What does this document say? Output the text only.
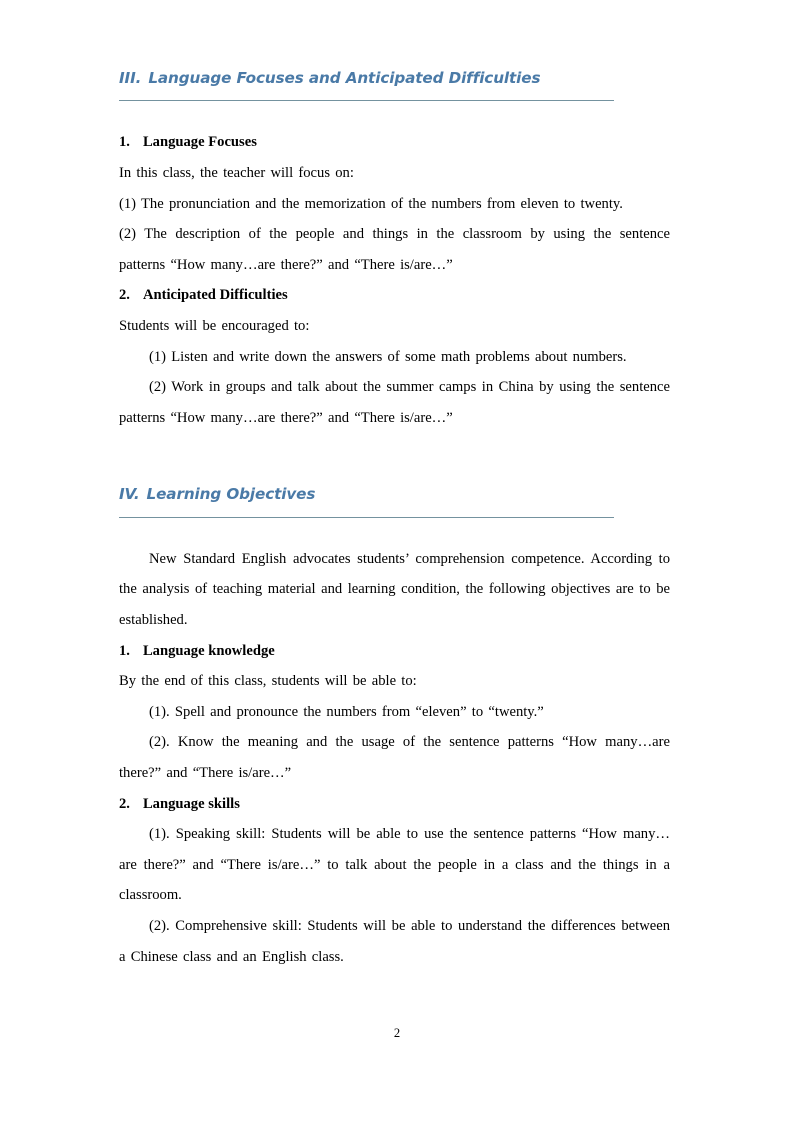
III. Language Focuses and Anticipated Difficulties
1. Language Focuses

In this class, the teacher will focus on:

(1) The pronunciation and the memorization of the numbers from eleven to twenty.

(2) The description of the people and things in the classroom by using the sentence patterns “How many…are there?” and “There is/are…”

2. Anticipated Difficulties

Students will be encouraged to:

(1) Listen and write down the answers of some math problems about numbers.

(2) Work in groups and talk about the summer camps in China by using the sentence patterns “How many…are there?” and “There is/are…”

IV. Learning Objectives

New Standard English advocates students’ comprehension competence. According to the analysis of teaching material and learning condition, the following objectives are to be established.

1. Language knowledge

By the end of this class, students will be able to:

(1). Spell and pronounce the numbers from “eleven” to “twenty.”

(2). Know the meaning and the usage of the sentence patterns “How many…are there?” and “There is/are…”

2. Language skills

(1). Speaking skill: Students will be able to use the sentence patterns “How many…are there?” and “There is/are…” to talk about the people in a class and the things in a classroom.

(2). Comprehensive skill: Students will be able to understand the differences between a Chinese class and an English class.

2
